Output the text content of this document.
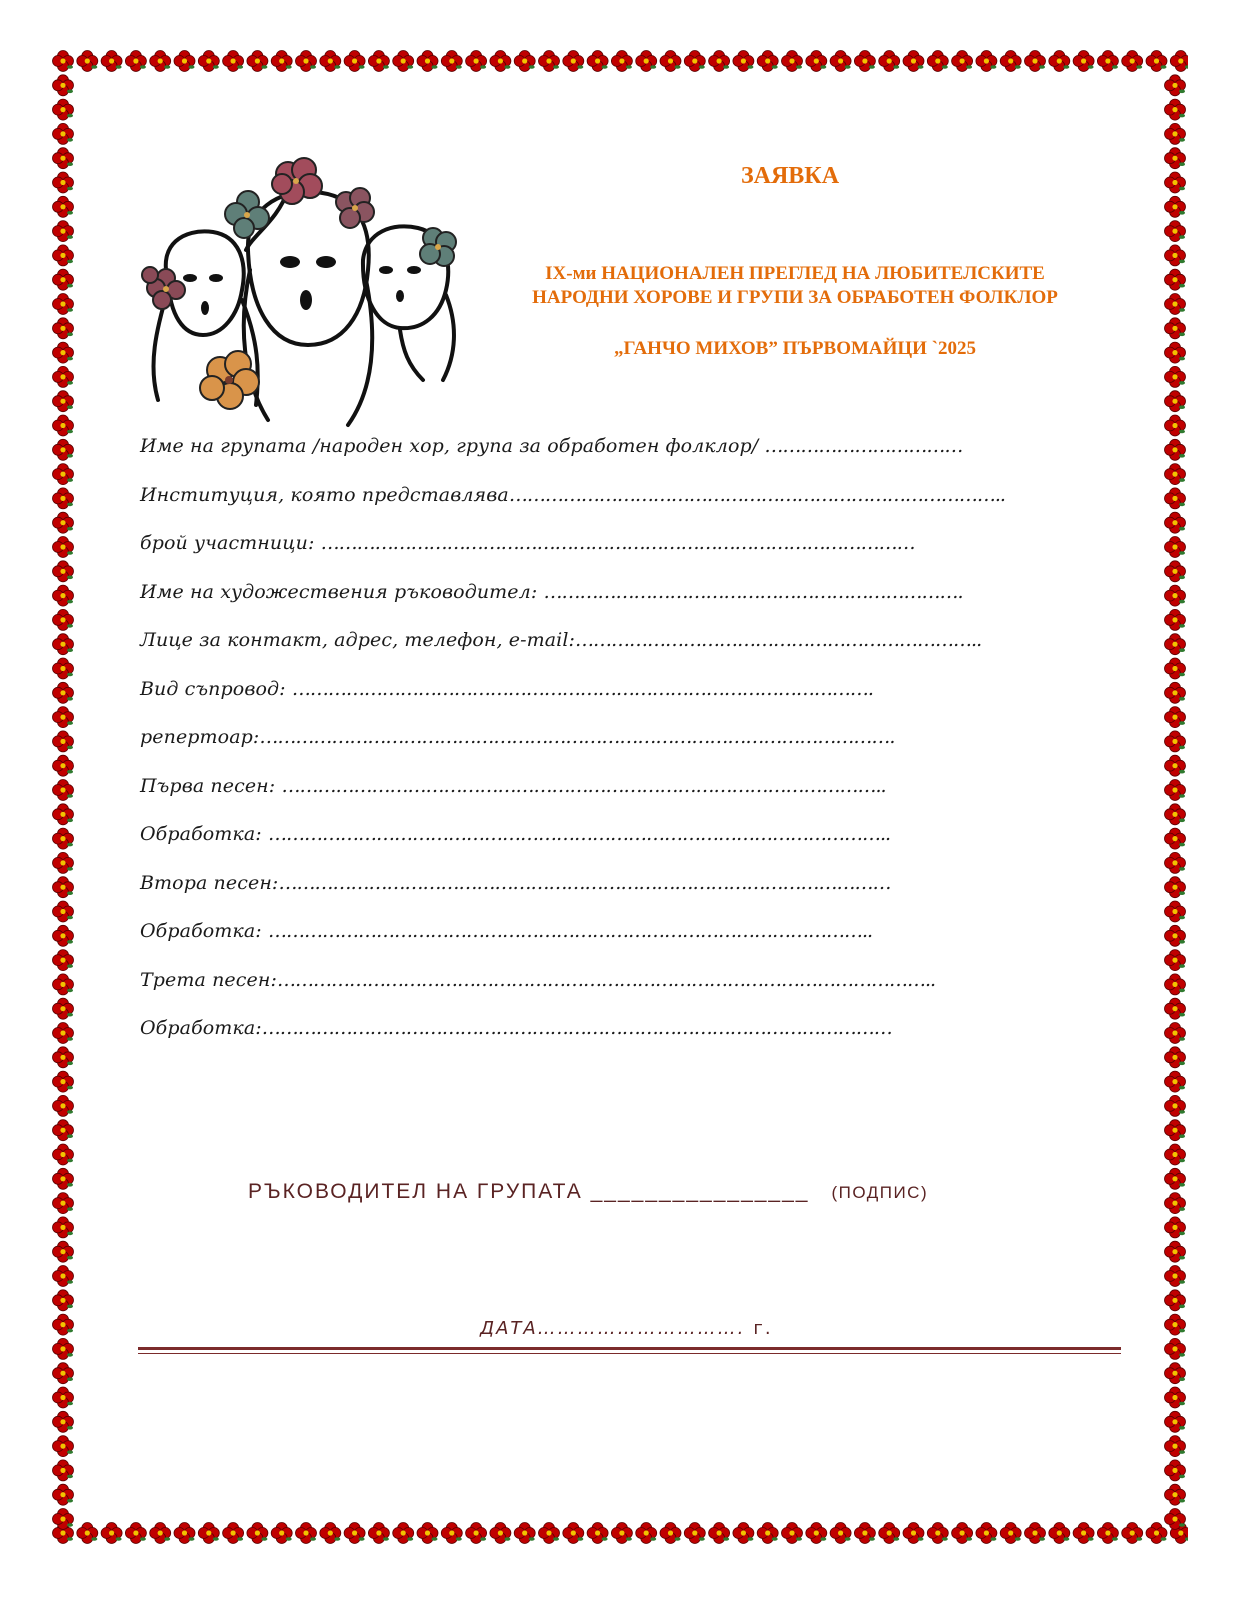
ЗАЯВКА
IX-ми НАЦИОНАЛЕН ПРЕГЛЕД НА ЛЮБИТЕЛСКИТЕ
НАРОДНИ ХОРОВЕ И ГРУПИ ЗА ОБРАБОТЕН ФОЛКЛОР
„ГАНЧО МИХОВ” ПЪРВОМАЙЦИ `2025
Име на групата /народен хор, група за обработен фолклор/ ……………………………
Институция, която представлява………………………………………………………………………..
брой участници: ………………………………………………………………………………………
Име на художествения ръководител: …………………………………………………………….
Лице за контакт, адрес, телефон, e-mail:…………………………………………………………..
Вид съпровод: …………………………………………………………………………………….
репертоар:…………………………………………………………………………………………….
Първа песен: ………………………………………………………………………………………..
Обработка: …………………………………………………………………………………………..
Втора песен:…………………………………………………………………………………………
Обработка: ………………………………………………………………………………………..
Трета песен:………………………………………………………………………………………………..
Обработка:……………………………………………………………………………………………
РЪКОВОДИТЕЛ НА ГРУПАТА ________________ (ПОДПИС)
ДАТА…………………………. г.
